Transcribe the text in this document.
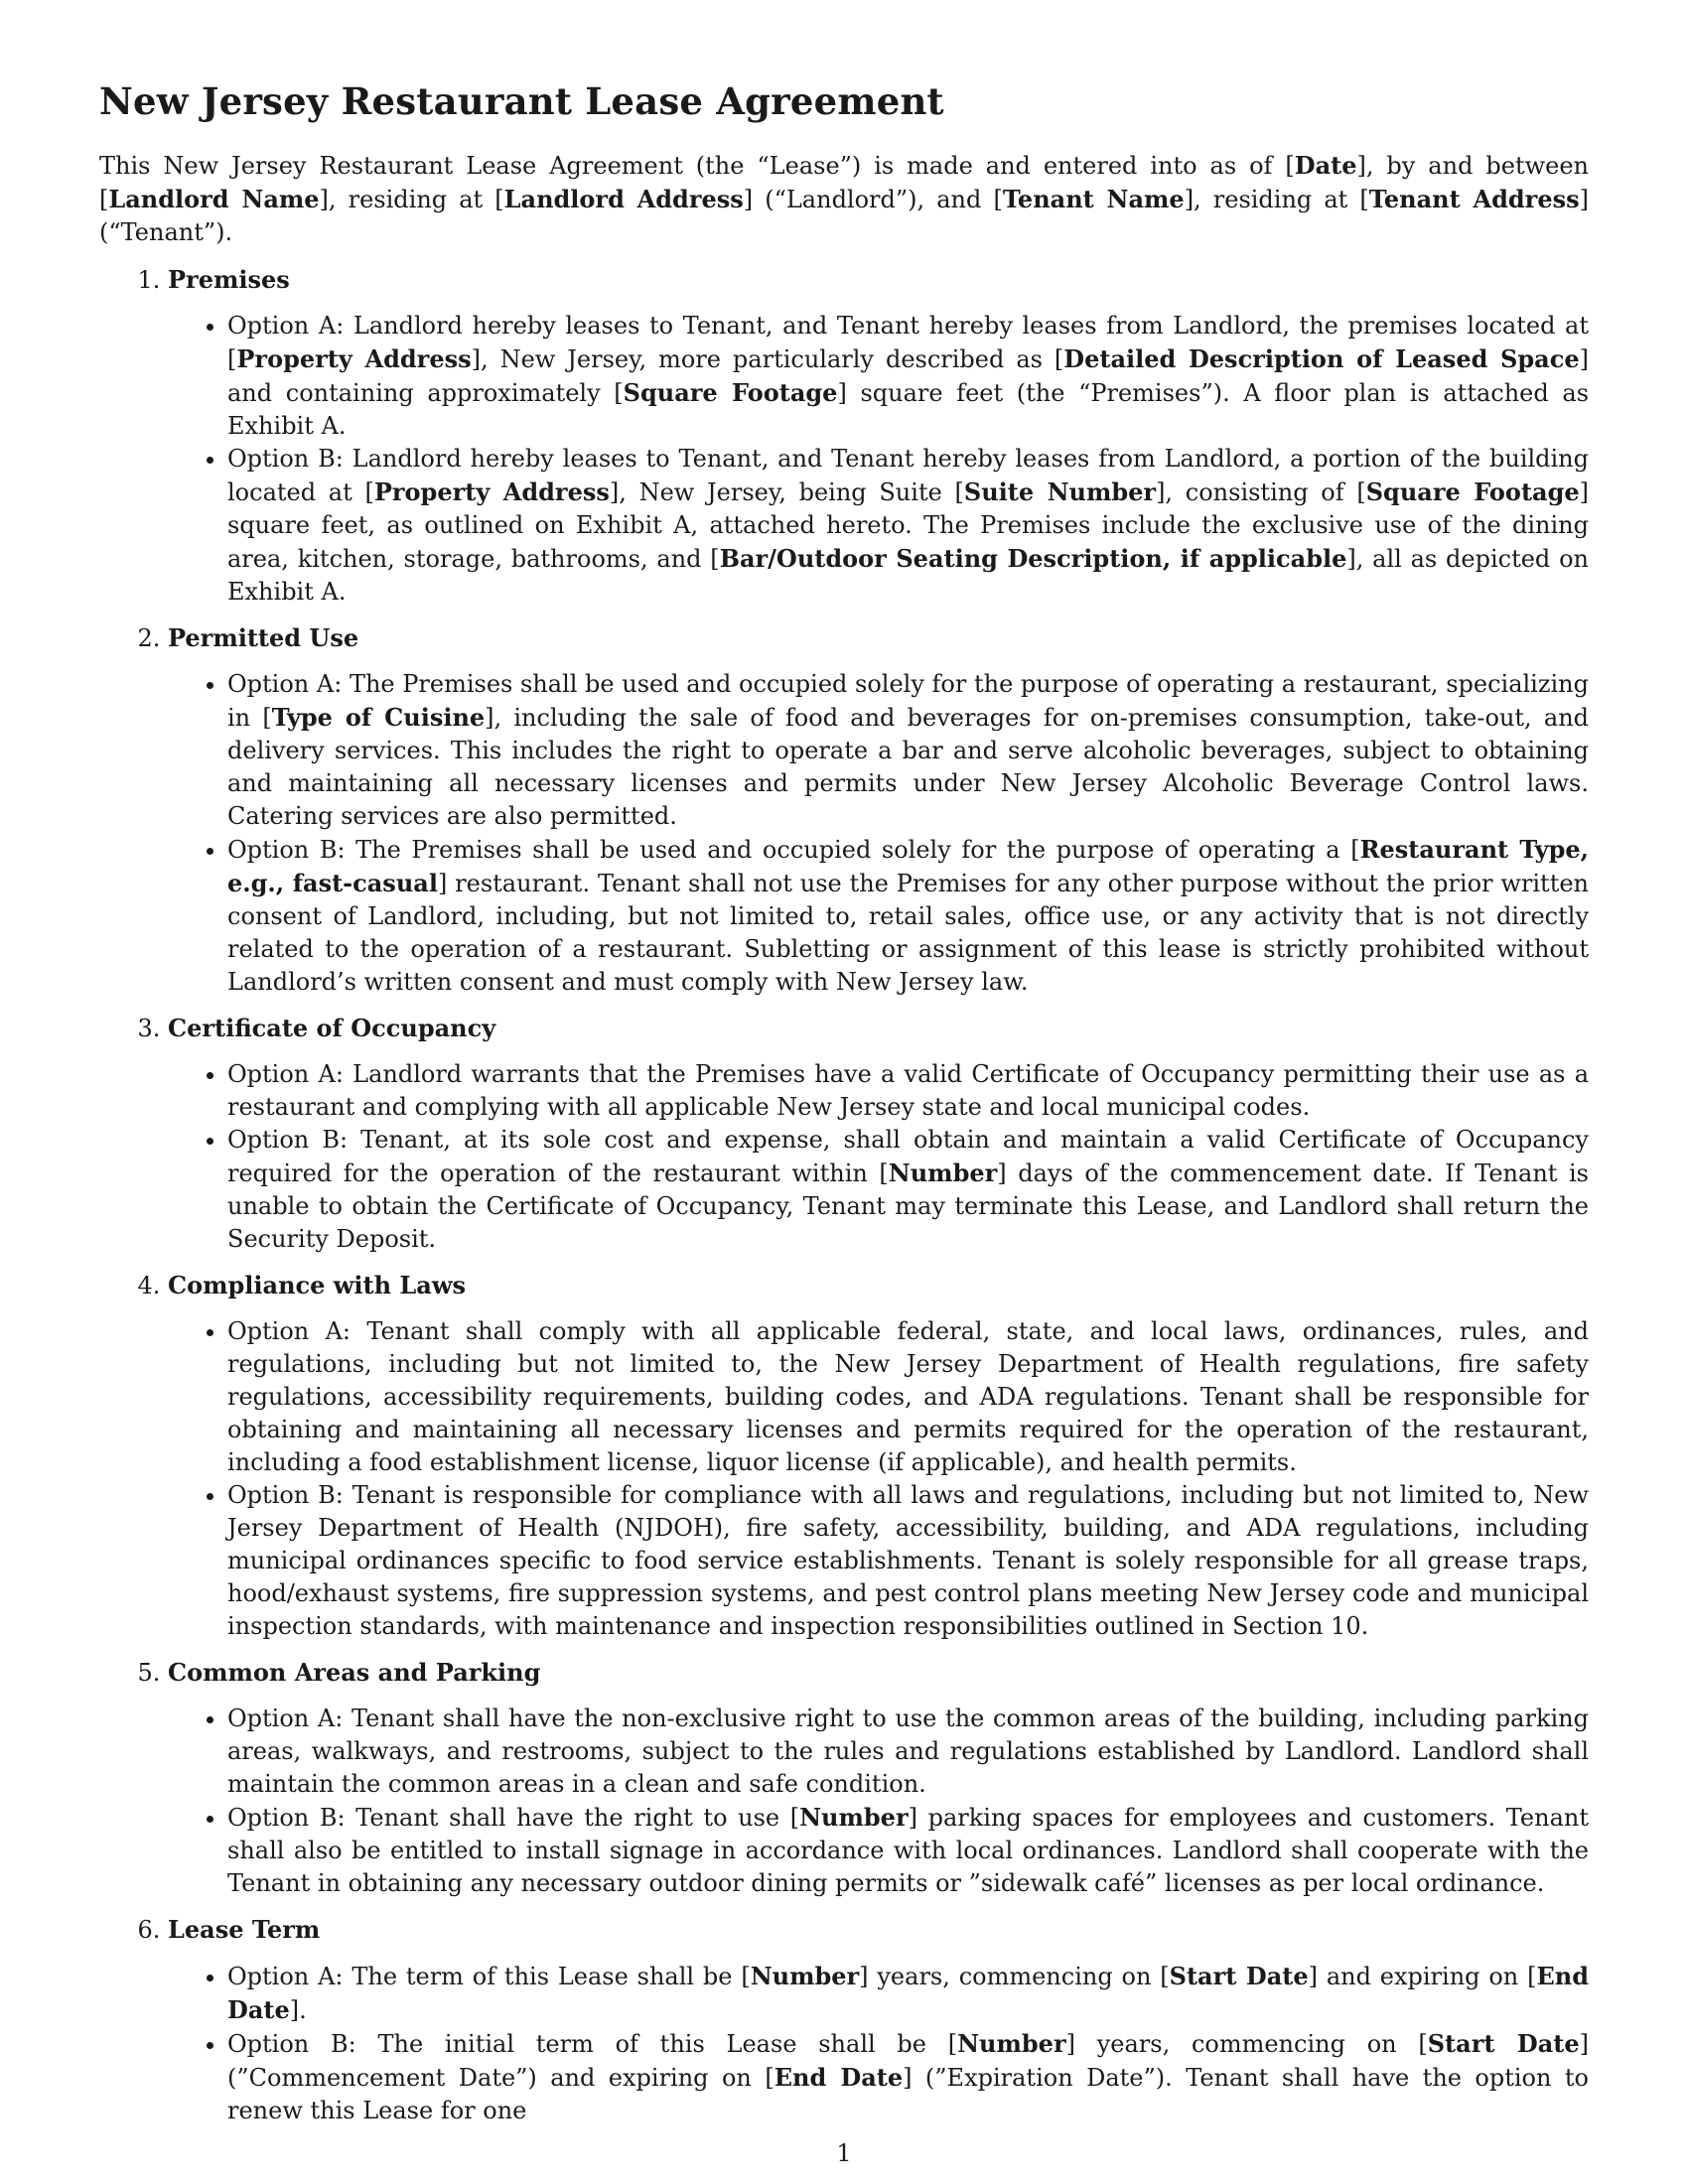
New Jersey Restaurant Lease Agreement

This New Jersey Restaurant Lease Agreement (the “Lease”) is made and entered into as of [Date], by and between [Landlord Name], residing at [Landlord Address] (“Landlord”), and [Tenant Name], residing at [Tenant Address] (“Tenant”).

1. Premises
• Option A: Landlord hereby leases to Tenant, and Tenant hereby leases from Landlord, the premises located at [Property Address], New Jersey, more particularly described as [Detailed Description of Leased Space] and containing approximately [Square Footage] square feet (the “Premises”). A floor plan is attached as Exhibit A.
• Option B: Landlord hereby leases to Tenant, and Tenant hereby leases from Landlord, a portion of the building located at [Property Address], New Jersey, being Suite [Suite Number], consisting of [Square Footage] square feet, as outlined on Exhibit A, attached hereto. The Premises include the exclusive use of the dining area, kitchen, storage, bathrooms, and [Bar/Outdoor Seating Description, if applicable], all as depicted on Exhibit A.
2. Permitted Use
• Option A: The Premises shall be used and occupied solely for the purpose of operating a restaurant, specializing in [Type of Cuisine], including the sale of food and beverages for on-premises consumption, take-out, and delivery services. This includes the right to operate a bar and serve alcoholic beverages, subject to obtaining and maintaining all necessary licenses and permits under New Jersey Alcoholic Beverage Control laws. Catering services are also permitted.
• Option B: The Premises shall be used and occupied solely for the purpose of operating a [Restaurant Type, e.g., fast-casual] restaurant. Tenant shall not use the Premises for any other purpose without the prior written consent of Landlord, including, but not limited to, retail sales, office use, or any activity that is not directly related to the operation of a restaurant. Subletting or assignment of this lease is strictly prohibited without Landlord’s written consent and must comply with New Jersey law.
3. Certificate of Occupancy
• Option A: Landlord warrants that the Premises have a valid Certificate of Occupancy permitting their use as a restaurant and complying with all applicable New Jersey state and local municipal codes.
• Option B: Tenant, at its sole cost and expense, shall obtain and maintain a valid Certificate of Occupancy required for the operation of the restaurant within [Number] days of the commencement date. If Tenant is unable to obtain the Certificate of Occupancy, Tenant may terminate this Lease, and Landlord shall return the Security Deposit.
4. Compliance with Laws
• Option A: Tenant shall comply with all applicable federal, state, and local laws, ordinances, rules, and regulations, including but not limited to, the New Jersey Department of Health regulations, fire safety regulations, accessibility requirements, building codes, and ADA regulations. Tenant shall be responsible for obtaining and maintaining all necessary licenses and permits required for the operation of the restaurant, including a food establishment license, liquor license (if applicable), and health permits.
• Option B: Tenant is responsible for compliance with all laws and regulations, including but not limited to, New Jersey Department of Health (NJDOH), fire safety, accessibility, building, and ADA regulations, including municipal ordinances specific to food service establishments. Tenant is solely responsible for all grease traps, hood/exhaust systems, fire suppression systems, and pest control plans meeting New Jersey code and municipal inspection standards, with maintenance and inspection responsibilities outlined in Section 10.
5. Common Areas and Parking
• Option A: Tenant shall have the non-exclusive right to use the common areas of the building, including parking areas, walkways, and restrooms, subject to the rules and regulations established by Landlord. Landlord shall maintain the common areas in a clean and safe condition.
• Option B: Tenant shall have the right to use [Number] parking spaces for employees and customers. Tenant shall also be entitled to install signage in accordance with local ordinances. Landlord shall cooperate with the Tenant in obtaining any necessary outdoor dining permits or ”sidewalk café” licenses as per local ordinance.
6. Lease Term
• Option A: The term of this Lease shall be [Number] years, commencing on [Start Date] and expiring on [End Date].
• Option B: The initial term of this Lease shall be [Number] years, commencing on [Start Date] (”Commencement Date”) and expiring on [End Date] (”Expiration Date”). Tenant shall have the option to renew this Lease for one
1
